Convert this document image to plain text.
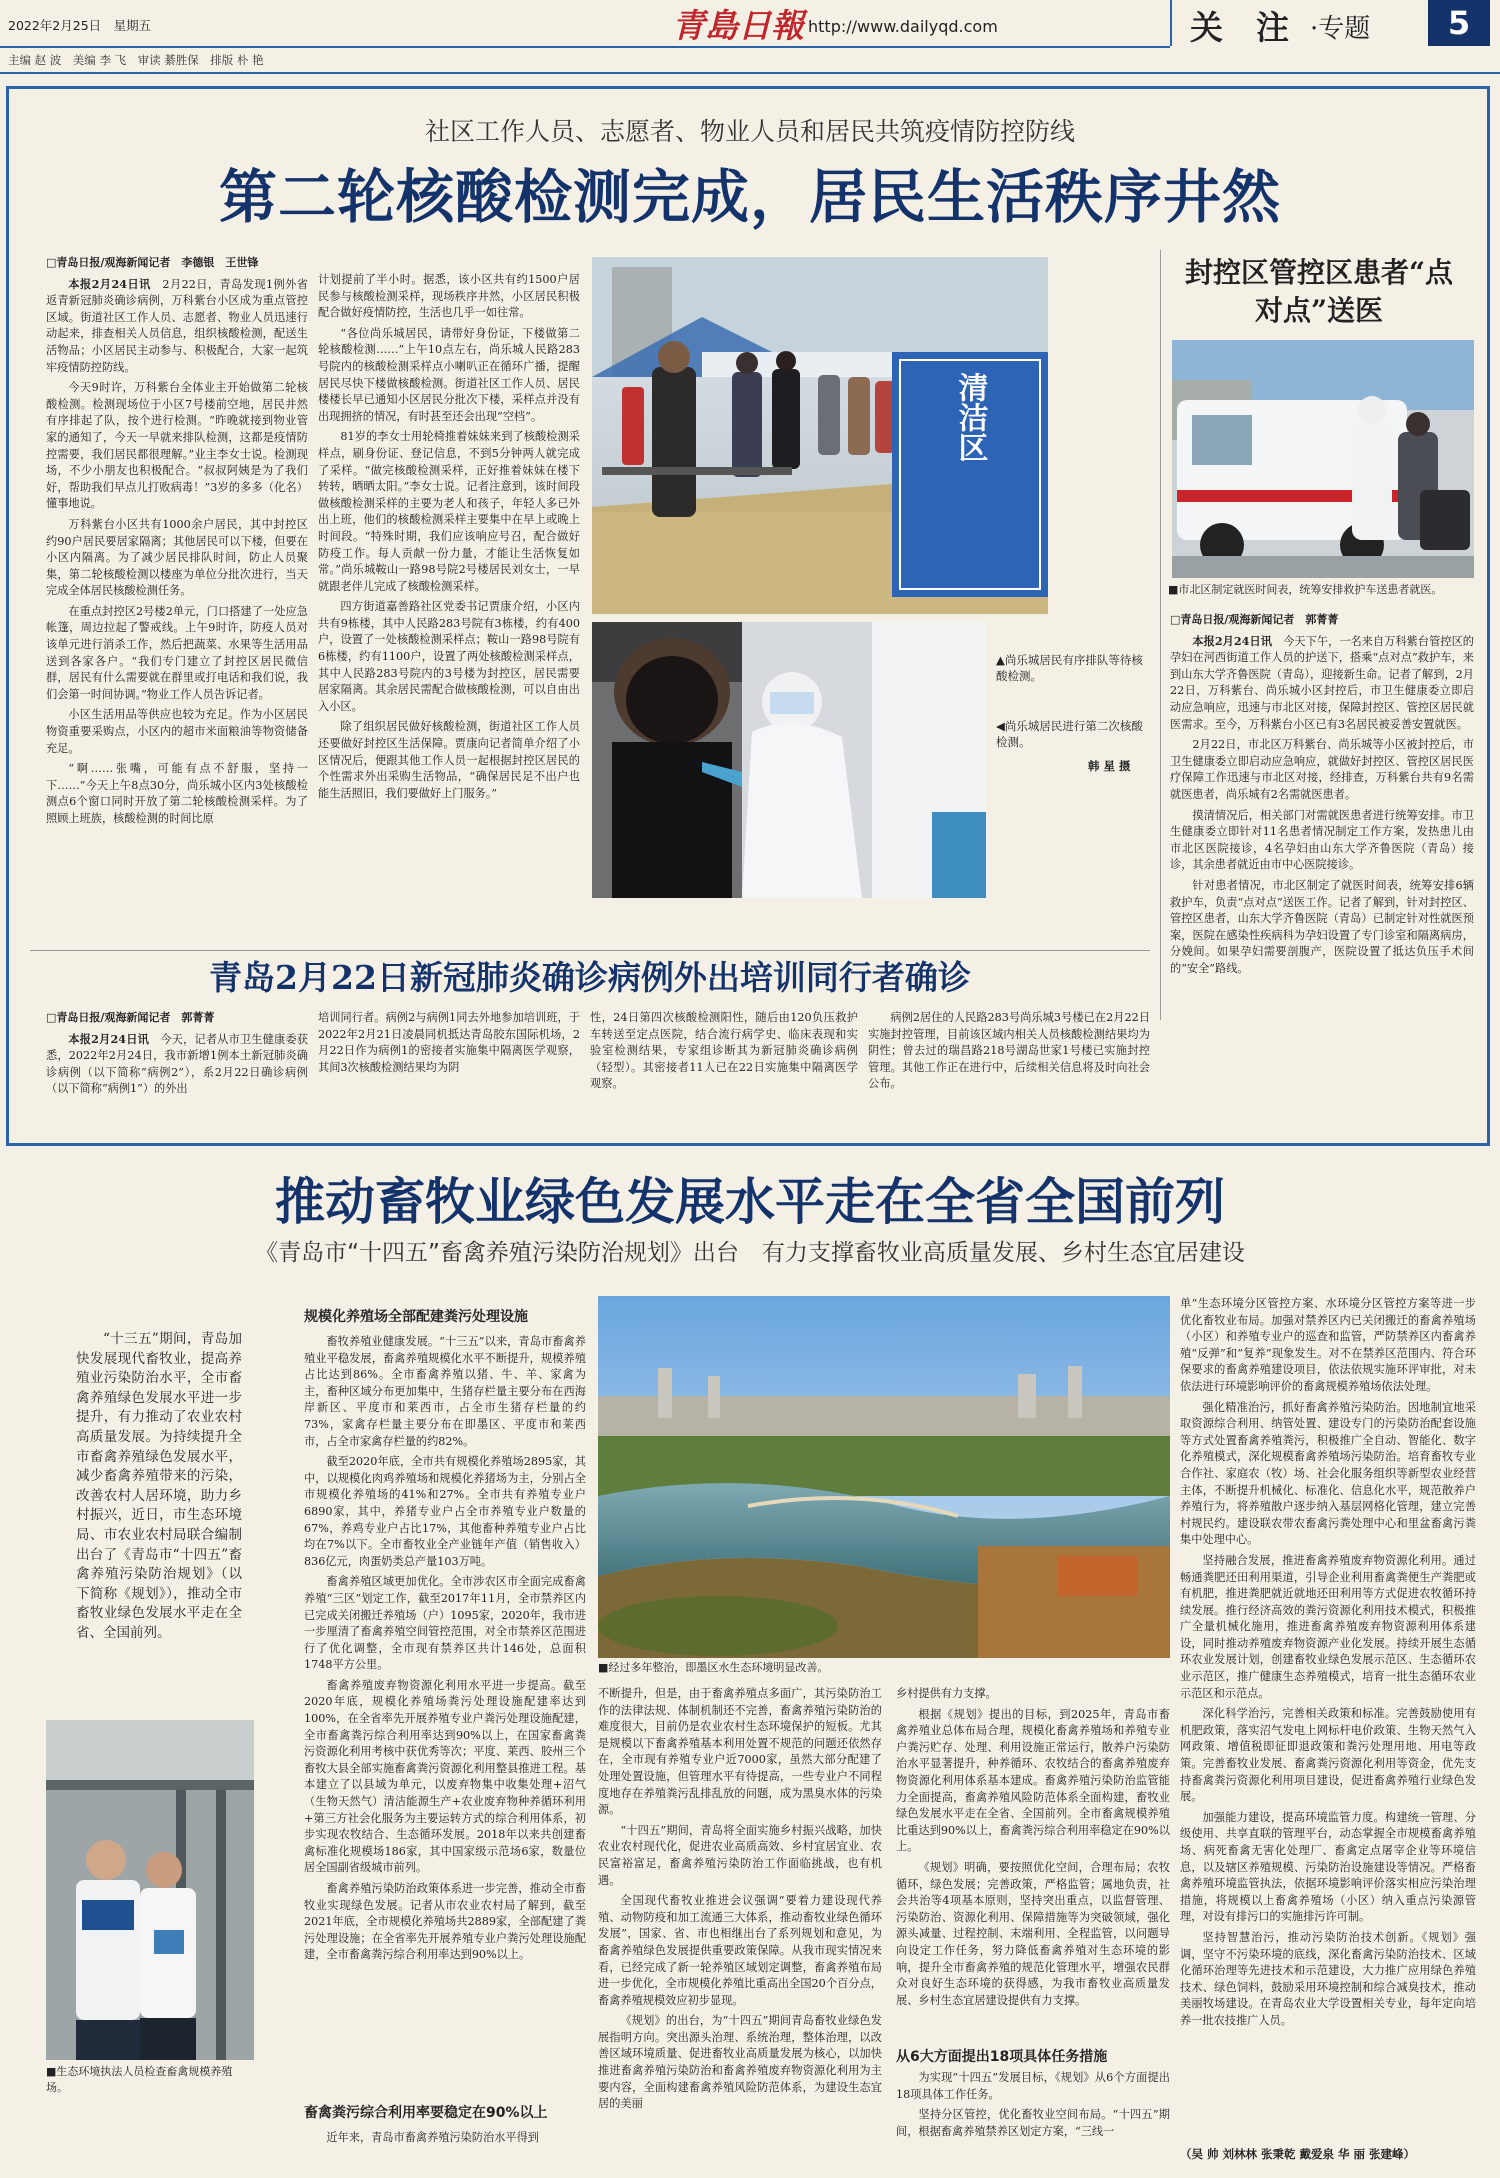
2022年2月25日　星期五
主编 赵 波　美编 李 飞　审读 綦胜保　排版 朴 艳
青島日報 http://www.dailyqd.com	关　注 ·专题	5
社区工作人员、志愿者、物业人员和居民共筑疫情防控防线
第二轮核酸检测完成，居民生活秩序井然

□青岛日报/观海新闻记者　李德银　王世锋

本报2月24日讯　 2月22日，青岛发现1例外省返青新冠肺炎确诊病例，万科紫台小区成为重点管控区域。街道社区工作人员、志愿者、物业人员迅速行动起来，排查相关人员信息，组织核酸检测，配送生活物品；小区居民主动参与、积极配合，大家一起筑牢疫情防控防线。

今天9时许，万科紫台全体业主开始做第二轮核酸检测。检测现场位于小区7号楼前空地，居民井然有序排起了队，按个进行检测。“昨晚就接到物业管家的通知了，今天一早就来排队检测，这都是疫情防控需要，我们居民都很理解。”业主李女士说。检测现场，不少小朋友也积极配合。“叔叔阿姨是为了我们好，帮助我们早点儿打败病毒！”3岁的多多（化名）懂事地说。

万科紫台小区共有1000余户居民，其中封控区约90户居民要居家隔离；其他居民可以下楼，但要在小区内隔离。为了减少居民排队时间，防止人员聚集，第二轮核酸检测以楼座为单位分批次进行，当天完成全体居民核酸检测任务。

在重点封控区2号楼2单元，门口搭建了一处应急帐篷，周边拉起了警戒线。上午9时许，防疫人员对该单元进行消杀工作，然后把蔬菜、水果等生活用品送到各家各户。“我们专门建立了封控区居民微信群，居民有什么需要就在群里或打电话和我们说，我们会第一时间协调。”物业工作人员告诉记者。

小区生活用品等供应也较为充足。作为小区居民物资重要采购点，小区内的超市米面粮油等物资储备充足。

“啊……张嘴，可能有点不舒服，坚持一下……”今天上午8点30分，尚乐城小区内3处核酸检测点6个窗口同时开放了第二轮核酸检测采样。为了照顾上班族，核酸检测的时间比原

计划提前了半小时。据悉，该小区共有约1500户居民参与核酸检测采样，现场秩序井然，小区居民积极配合做好疫情防控，生活也几乎一如往常。

“各位尚乐城居民，请带好身份证，下楼做第二轮核酸检测……”上午10点左右，尚乐城人民路283号院内的核酸检测采样点小喇叭正在循环广播，提醒居民尽快下楼做核酸检测。街道社区工作人员、居民楼楼长早已通知小区居民分批次下楼，采样点并没有出现拥挤的情况，有时甚至还会出现“空档”。

81岁的李女士用轮椅推着妹妹来到了核酸检测采样点，刷身份证、登记信息，不到5分钟两人就完成了采样。“做完核酸检测采样，正好推着妹妹在楼下转转，晒晒太阳。”李女士说。记者注意到，该时间段做核酸检测采样的主要为老人和孩子，年轻人多已外出上班，他们的核酸检测采样主要集中在早上或晚上时间段。“特殊时期，我们应该响应号召，配合做好防疫工作。每人贡献一份力量，才能让生活恢复如常。”尚乐城鞍山一路98号院2号楼居民刘女士，一早就跟老伴儿完成了核酸检测采样。

四方街道嘉善路社区党委书记贾康介绍，小区内共有9栋楼，其中人民路283号院有3栋楼，约有400户，设置了一处核酸检测采样点；鞍山一路98号院有6栋楼，约有1100户，设置了两处核酸检测采样点，其中人民路283号院内的3号楼为封控区，居民需要居家隔离。其余居民需配合做核酸检测，可以自由出入小区。

除了组织居民做好核酸检测，街道社区工作人员还要做好封控区生活保障。贾康向记者简单介绍了小区情况后，便跟其他工作人员一起根据封控区居民的个性需求外出采购生活物品，“确保居民足不出户也能生活照旧，我们要做好上门服务。”

清洁区
▲尚乐城居民有序排队等待核酸检测。
◀尚乐城居民进行第二次核酸检测。
韩 星 摄
封控区管控区患者“点对点”送医
■市北区制定就医时间表，统筹安排救护车送患者就医。

□青岛日报/观海新闻记者　郭菁菁

本报2月24日讯　 今天下午，一名来自万科紫台管控区的孕妇在河西街道工作人员的护送下，搭乘“点对点”救护车，来到山东大学齐鲁医院（青岛），迎接新生命。记者了解到，2月22日，万科紫台、尚乐城小区封控后，市卫生健康委立即启动应急响应，迅速与市北区对接，保障封控区、管控区居民就医需求。至今，万科紫台小区已有3名居民被妥善安置就医。

2月22日，市北区万科紫台、尚乐城等小区被封控后，市卫生健康委立即启动应急响应，就做好封控区、管控区居民医疗保障工作迅速与市北区对接，经排查，万科紫台共有9名需就医患者，尚乐城有2名需就医患者。

摸清情况后，相关部门对需就医患者进行统筹安排。市卫生健康委立即针对11名患者情况制定工作方案，发热患儿由市北区医院接诊，4名孕妇由山东大学齐鲁医院（青岛）接诊，其余患者就近由市中心医院接诊。

针对患者情况，市北区制定了就医时间表，统筹安排6辆救护车，负责“点对点”送医工作。记者了解到，针对封控区、管控区患者，山东大学齐鲁医院（青岛）已制定针对性就医预案，医院在感染性疾病科为孕妇设置了专门诊室和隔离病房，分娩间。如果孕妇需要剖腹产，医院设置了抵达负压手术间的“安全”路线。

青岛2月22日新冠肺炎确诊病例外出培训同行者确诊

□青岛日报/观海新闻记者　郭菁菁

本报2月24日讯　 今天，记者从市卫生健康委获悉，2022年2月24日，我市新增1例本土新冠肺炎确诊病例（以下简称“病例2”），系2月22日确诊病例（以下简称“病例1”）的外出

培训同行者。病例2与病例1同去外地参加培训班，于2022年2月21日凌晨同机抵达青岛胶东国际机场，2月22日作为病例1的密接者实施集中隔离医学观察，其间3次核酸检测结果均为阴

性，24日第四次核酸检测阳性，随后由120负压救护车转送至定点医院，结合流行病学史、临床表现和实验室检测结果，专家组诊断其为新冠肺炎确诊病例（轻型）。其密接者11人已在22日实施集中隔离医学观察。

病例2居住的人民路283号尚乐城3号楼已在2月22日实施封控管理，目前该区域内相关人员核酸检测结果均为阴性；曾去过的瑞昌路218号湖岛世家1号楼已实施封控管理。其他工作正在进行中，后续相关信息将及时向社会公布。

推动畜牧业绿色发展水平走在全省全国前列
《青岛市“十四五”畜禽养殖污染防治规划》出台　有力支撑畜牧业高质量发展、乡村生态宜居建设
“十三五”期间，青岛加快发展现代畜牧业，提高养殖业污染防治水平，全市畜禽养殖绿色发展水平进一步提升，有力推动了农业农村高质量发展。为持续提升全市畜禽养殖绿色发展水平，减少畜禽养殖带来的污染，改善农村人居环境，助力乡村振兴，近日，市生态环境局、市农业农村局联合编制出台了《青岛市“十四五”畜禽养殖污染防治规划》（以下简称《规划》），推动全市畜牧业绿色发展水平走在全省、全国前列。
■生态环境执法人员检查畜禽规模养殖场。
规模化养殖场全部配建粪污处理设施

畜牧养殖业健康发展。“十三五”以来，青岛市畜禽养殖业平稳发展，畜禽养殖规模化水平不断提升，规模养殖占比达到86%。全市畜禽养殖以猪、牛、羊、家禽为主，畜种区域分布更加集中，生猪存栏量主要分布在西海岸新区、平度市和莱西市，占全市生猪存栏量的约73%，家禽存栏量主要分布在即墨区、平度市和莱西市，占全市家禽存栏量的约82%。

截至2020年底，全市共有规模化养殖场2895家，其中，以规模化肉鸡养殖场和规模化养猪场为主，分别占全市规模化养殖场的41%和27%。全市共有养殖专业户6890家，其中，养猪专业户占全市养殖专业户数量的67%，养鸡专业户占比17%，其他畜种养殖专业户占比均在7%以下。全市畜牧业全产业链年产值（销售收入）836亿元，肉蛋奶类总产量103万吨。

畜禽养殖区域更加优化。全市涉农区市全面完成畜禽养殖“三区”划定工作，截至2017年11月，全市禁养区内已完成关闭搬迁养殖场（户）1095家，2020年，我市进一步厘清了畜禽养殖空间管控范围，对全市禁养区范围进行了优化调整，全市现有禁养区共计146处，总面积1748平方公里。

畜禽养殖废弃物资源化利用水平进一步提高。截至2020年底，规模化养殖场粪污处理设施配建率达到100%，在全省率先开展养殖专业户粪污处理设施配建，全市畜禽粪污综合利用率达到90%以上，在国家畜禽粪污资源化利用考核中获优秀等次；平度、莱西、胶州三个畜牧大县全部实施畜禽粪污资源化利用整县推进工程。基本建立了以县域为单元，以废弃物集中收集处理+沼气（生物天然气）清洁能源生产+农业废弃物种养循环利用+第三方社会化服务为主要运转方式的综合利用体系，初步实现农牧结合、生态循环发展。2018年以来共创建畜禽标准化规模场186家，其中国家级示范场6家，数量位居全国副省级城市前列。

畜禽养殖污染防治政策体系进一步完善，推动全市畜牧业实现绿色发展。记者从市农业农村局了解到，截至2021年底，全市规模化养殖场共2889家，全部配建了粪污处理设施；在全省率先开展养殖专业户粪污处理设施配建，全市畜禽粪污综合利用率达到90%以上。

畜禽粪污综合利用率要稳定在90%以上

近年来，青岛市畜禽养殖污染防治水平得到

■经过多年整治，即墨区水生态环境明显改善。

不断提升，但是，由于畜禽养殖点多面广，其污染防治工作的法律法规、体制机制还不完善，畜禽养殖污染防治的难度很大，目前仍是农业农村生态环境保护的短板。尤其是规模以下畜禽养殖基本利用处置不规范的问题还依然存在，全市现有养殖专业户近7000家，虽然大部分配建了处理处置设施，但管理水平有待提高，一些专业户不同程度地存在养殖粪污乱排乱放的问题，成为黑臭水体的污染源。

“十四五”期间，青岛将全面实施乡村振兴战略，加快农业农村现代化，促进农业高质高效、乡村宜居宜业、农民富裕富足，畜禽养殖污染防治工作面临挑战，也有机遇。

全国现代畜牧业推进会议强调“要着力建设现代养殖、动物防疫和加工流通三大体系，推动畜牧业绿色循环发展”，国家、省、市也相继出台了系列规划和意见，为畜禽养殖绿色发展提供重要政策保障。从我市现实情况来看，已经完成了新一轮养殖区域划定调整，畜禽养殖布局进一步优化，全市规模化养殖比重高出全国20个百分点，畜禽养殖规模效应初步显现。

《规划》的出台，为“十四五”期间青岛畜牧业绿色发展指明方向。突出源头治理、系统治理，整体治理，以改善区域环境质量、促进畜牧业高质量发展为核心，以加快推进畜禽养殖污染防治和畜禽养殖废弃物资源化利用为主要内容，全面构建畜禽养殖风险防范体系，为建设生态宜居的美丽

乡村提供有力支撑。

根据《规划》提出的目标，到2025年，青岛市畜禽养殖业总体布局合理，规模化畜禽养殖场和养殖专业户粪污贮存、处理、利用设施正常运行，散养户污染防治水平显著提升，种养循环、农牧结合的畜禽养殖废弃物资源化利用体系基本建成。畜禽养殖污染防治监管能力全面提高，畜禽养殖风险防范体系全面构建，畜牧业绿色发展水平走在全省、全国前列。全市畜禽规模养殖比重达到90%以上，畜禽粪污综合利用率稳定在90%以上。

《规划》明确，要按照优化空间，合理布局；农牧循环，绿色发展；完善政策，严格监管；属地负责，社会共治等4项基本原则，坚持突出重点，以监督管理、污染防治、资源化利用、保障措施等为突破领域，强化源头减量、过程控制、末端利用、全程监管，以问题导向设定工作任务，努力降低畜禽养殖对生态环境的影响，提升全市畜禽养殖的规范化管理水平，增强农民群众对良好生态环境的获得感，为我市畜牧业高质量发展、乡村生态宜居建设提供有力支撑。

从6大方面提出18项具体任务措施

为实现“十四五”发展目标，《规划》从6个方面提出18项具体工作任务。

坚持分区管控，优化畜牧业空间布局。“十四五”期间，根据畜禽养殖禁养区划定方案，“三线一

单”生态环境分区管控方案、水环境分区管控方案等进一步优化畜牧业布局。加强对禁养区内已关闭搬迁的畜禽养殖场（小区）和养殖专业户的巡查和监管，严防禁养区内畜禽养殖“反弹”和“复养”现象发生。对不在禁养区范围内、符合环保要求的畜禽养殖建设项目，依法依规实施环评审批，对未依法进行环境影响评价的畜禽规模养殖场依法处理。

强化精准治污，抓好畜禽养殖污染防治。因地制宜地采取资源综合利用、纳管处置、建设专门的污染防治配套设施等方式处置畜禽养殖粪污，积极推广全自动、智能化、数字化养殖模式，深化规模畜禽养殖场污染防治。培育畜牧专业合作社、家庭农（牧）场、社会化服务组织等新型农业经营主体，不断提升机械化、标准化、信息化水平，规范散养户养殖行为，将养殖散户逐步纳入基层网格化管理，建立完善村规民约。建设联农带农畜禽污粪处理中心和里盆畜禽污粪集中处理中心。

坚持融合发展，推进畜禽养殖废弃物资源化利用。通过畅通粪肥还田利用渠道，引导企业利用畜禽粪便生产粪肥或有机肥，推进粪肥就近就地还田利用等方式促进农牧循环持续发展。推行经济高效的粪污资源化利用技术模式，积极推广全量机械化施用，推进畜禽养殖废弃物资源利用体系建设，同时推动养殖废弃物资源产业化发展。持续开展生态循环农业发展计划，创建畜牧业绿色发展示范区、生态循环农业示范区，推广健康生态养殖模式，培育一批生态循环农业示范区和示范点。

深化科学治污，完善相关政策和标准。完善鼓励使用有机肥政策，落实沼气发电上网标杆电价政策、生物天然气入网政策、增值税即征即退政策和粪污处理用地、用电等政策。完善畜牧业发展、畜禽粪污资源化利用等资金，优先支持畜禽粪污资源化利用项目建设，促进畜禽养殖行业绿色发展。

加强能力建设，提高环境监管力度。构建统一管理、分级使用、共享直联的管理平台，动态掌握全市规模畜禽养殖场、病死畜禽无害化处理厂、畜禽定点屠宰企业等环境信息，以及辖区养殖规模、污染防治设施建设等情况。严格畜禽养殖环境监管执法，依据环境影响评价落实相应污染治理措施，将规模以上畜禽养殖场（小区）纳入重点污染源管理，对设有排污口的实施排污许可制。

坚持智慧治污，推动污染防治技术创新。《规划》强调，坚守不污染环境的底线，深化畜禽污染防治技术、区域化循环治理等先进技术和示范建设，大力推广应用绿色养殖技术、绿色饲料，鼓励采用环境控制和综合减臭技术，推动美丽牧场建设。在青岛农业大学设置相关专业，每年定向培养一批农技推广人员。

（吴 帅 刘林林 张秉乾 戴爱泉 华 丽 张建峰）
